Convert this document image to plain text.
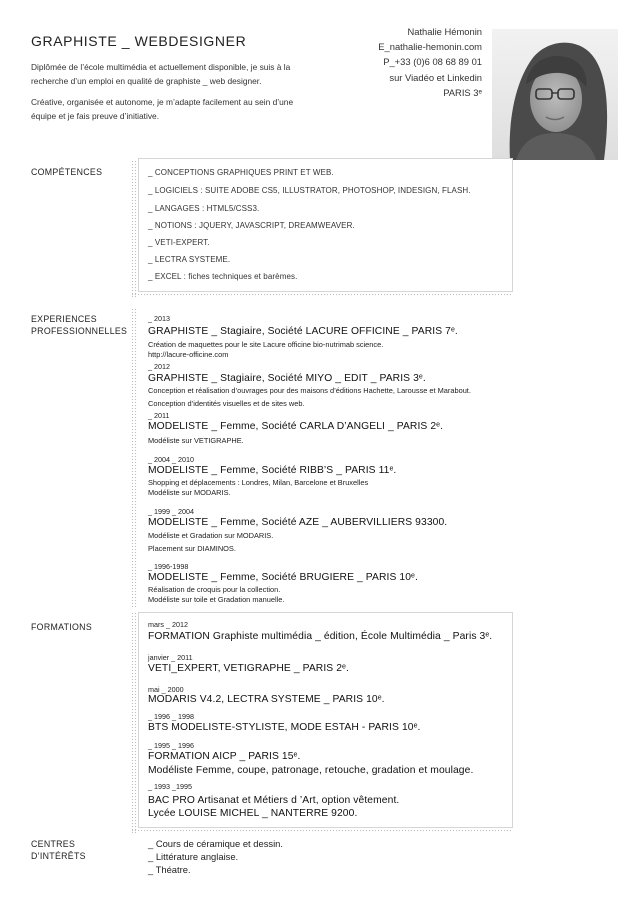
GRAPHISTE _ WEBDESIGNER
Diplômée de l’école multimédia et actuellement disponible, je suis à la
recherche d’un emploi en qualité de graphiste _ web designer.
Créative, organisée et autonome, je m’adapte facilement au sein d’une
équipe et je fais preuve d’initiative.
Nathalie Hémonin
E_nathalie-hemonin.com
P_+33 (0)6 08 68 89 01
sur Viadéo et Linkedin
PARIS 3ᵉ
COMPÉTENCES	_ CONCEPTIONS GRAPHIQUES PRINT ET WEB.
_ LOGICIELS : SUITE ADOBE CS5, ILLUSTRATOR, PHOTOSHOP, INDESIGN, FLASH.
_ LANGAGES : HTML5/CSS3.
_ NOTIONS : JQUERY, JAVASCRIPT, DREAMWEAVER.
_ VETI-EXPERT.
_ LECTRA SYSTEME.
_ EXCEL : fiches techniques et barèmes.
EXPERIENCES
PROFESSIONNELLES
_ 2013
GRAPHISTE _ Stagiaire, Société LACURE OFFICINE _ PARIS 7ᵉ.
Création de maquettes pour le site Lacure officine bio-nutrimab science.
http://lacure-officine.com
_ 2012
GRAPHISTE _ Stagiaire, Société MIYO _ EDIT _ PARIS 3ᵉ.
Conception et réalisation d’ouvrages pour des maisons d’éditions Hachette, Larousse et Marabout.
Conception d’identités visuelles et de sites web.
_ 2011
MODELISTE _ Femme, Société CARLA D’ANGELI _ PARIS 2ᵉ.
Modéliste sur VETIGRAPHE.
_ 2004 _ 2010
MODELISTE _ Femme, Société RIBB’S _ PARIS 11ᵉ.
Shopping et déplacements : Londres, Milan, Barcelone et Bruxelles
Modéliste sur MODARIS.
_ 1999 _ 2004
MODELISTE _ Femme, Société AZE _ AUBERVILLIERS 93300.
Modéliste et Gradation sur MODARIS.
Placement sur DIAMINOS.
_ 1996-1998
MODELISTE _ Femme, Société BRUGIERE _ PARIS 10ᵉ.
Réalisation de croquis pour la collection.
Modéliste sur toile et Gradation manuelle.
FORMATIONS	mars _ 2012
FORMATION Graphiste multimédia _ édition, École Multimédia _ Paris 3ᵉ.
janvier _ 2011
VETI_EXPERT, VETIGRAPHE _ PARIS 2ᵉ.
mai _ 2000
MODARIS V4.2, LECTRA SYSTEME _ PARIS 10ᵉ.
_ 1996 _ 1998
BTS MODELISTE-STYLISTE, MODE ESTAH - PARIS 10ᵉ.
_ 1995 _ 1996
FORMATION AICP _ PARIS 15ᵉ.
Modéliste Femme, coupe, patronage, retouche, gradation et moulage.
_ 1993 _1995
BAC PRO Artisanat et Métiers d ’Art, option vêtement.
Lycée LOUISE MICHEL _ NANTERRE 9200.
CENTRES
D’INTÉRÊTS
_ Cours de céramique et dessin.
_ Littérature anglaise.
_ Théatre.
